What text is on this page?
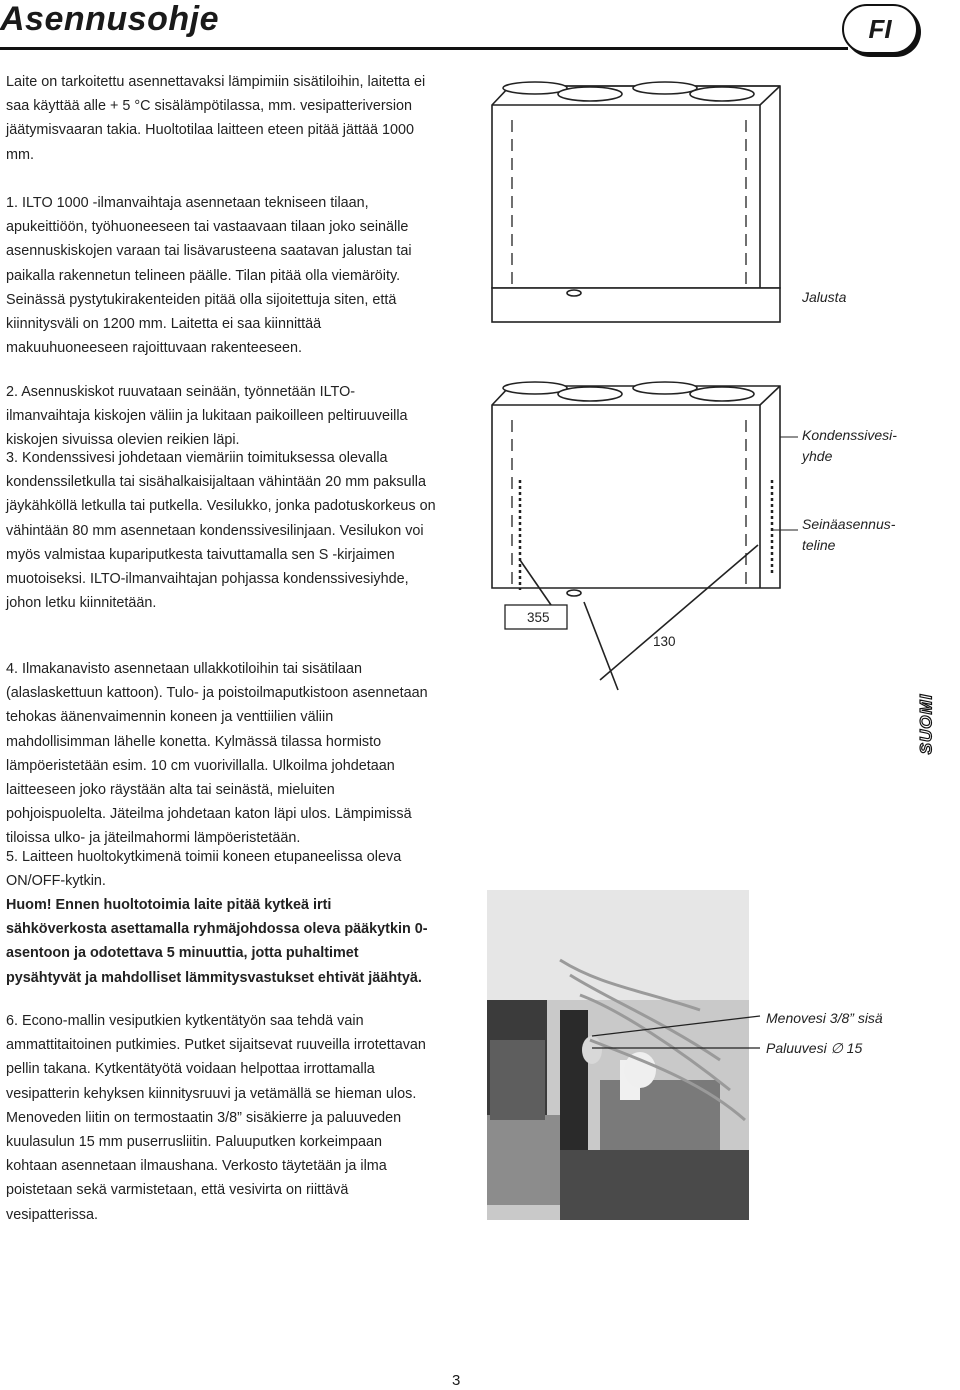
Asennusohje	FI
SUOMI

Laite on tarkoitettu asennettavaksi lämpimiin sisätiloihin, laitetta ei saa käyttää alle + 5 °C sisälämpötilassa, mm. vesipatteriversion jäätymisvaaran takia. Huoltotilaa laitteen eteen pitää jättää 1000 mm.

1. ILTO 1000 -ilmanvaihtaja asennetaan tekniseen tilaan, apukeittiöön, työhuoneeseen tai vastaavaan tilaan joko seinälle asennuskiskojen varaan tai lisävarusteena saatavan jalustan tai paikalla rakennetun telineen päälle. Tilan pitää olla viemäröity. Seinässä pystytukirakenteiden pitää olla sijoitettuja siten, että kiinnitysväli on 1200 mm. Laitetta ei saa kiinnittää makuuhuoneeseen rajoittuvaan rakenteeseen.

2. Asennuskiskot ruuvataan seinään, työnnetään ILTO-ilmanvaihtaja kiskojen väliin ja lukitaan paikoilleen peltiruuveilla kiskojen sivuissa olevien reikien läpi.

3. Kondenssivesi johdetaan viemäriin toimituksessa olevalla kondenssiletkulla tai sisähalkaisijaltaan vähintään 20 mm paksulla jäykähköllä letkulla tai putkella. Vesilukko, jonka padotuskorkeus on vähintään 80 mm asennetaan kondenssivesilinjaan. Vesilukon voi myös valmistaa kupariputkesta taivuttamalla sen S -kirjaimen muotoiseksi. ILTO-ilmanvaihtajan pohjassa kondenssivesiyhde, johon letku kiinnitetään.

4. Ilmakanavisto asennetaan ullakkotiloihin tai sisätilaan (alaslaskettuun kattoon). Tulo- ja poistoilmaputkistoon asennetaan tehokas äänenvaimennin koneen ja venttiilien väliin mahdollisimman lähelle konetta. Kylmässä tilassa hormisto lämpöeristetään esim. 10 cm vuorivillalla. Ulkoilma johdetaan laitteeseen joko räystään alta tai seinästä, mieluiten pohjoispuolelta. Jäteilma johdetaan katon läpi ulos. Lämpimissä tiloissa ulko- ja jäteilmahormi lämpöeristetään.

5. Laitteen huoltokytkimenä toimii koneen etupaneelissa oleva ON/OFF-kytkin.

Huom! Ennen huoltotoimia laite pitää kytkeä irti sähköverkosta asettamalla ryhmäjohdossa oleva pääkytkin 0-asentoon ja odotettava 5 minuuttia, jotta puhaltimet pysähtyvät ja mahdolliset lämmitysvastukset ehtivät jäähtyä.

6. Econo-mallin vesiputkien kytkentätyön saa tehdä vain ammattitaitoinen putkimies. Putket sijaitsevat ruuveilla irrotettavan pellin takana. Kytkentätyötä voidaan helpottaa irrottamalla vesipatterin kehyksen kiinnitysruuvi ja vetämällä se hieman ulos. Menoveden liitin on termostaatin 3/8” sisäkierre ja paluuveden kuulasulun 15 mm puserrusliitin. Paluuputken korkeimpaan kohtaan asennetaan ilmaushana. Verkosto täytetään ja ilma poistetaan sekä varmistetaan, että vesivirta on riittävä vesipatterissa.

Jalusta
Kondenssivesi-
yhde
Seinäasennus-
teline
355
130
Menovesi 3/8” sisä
Paluuvesi ∅ 15
3
